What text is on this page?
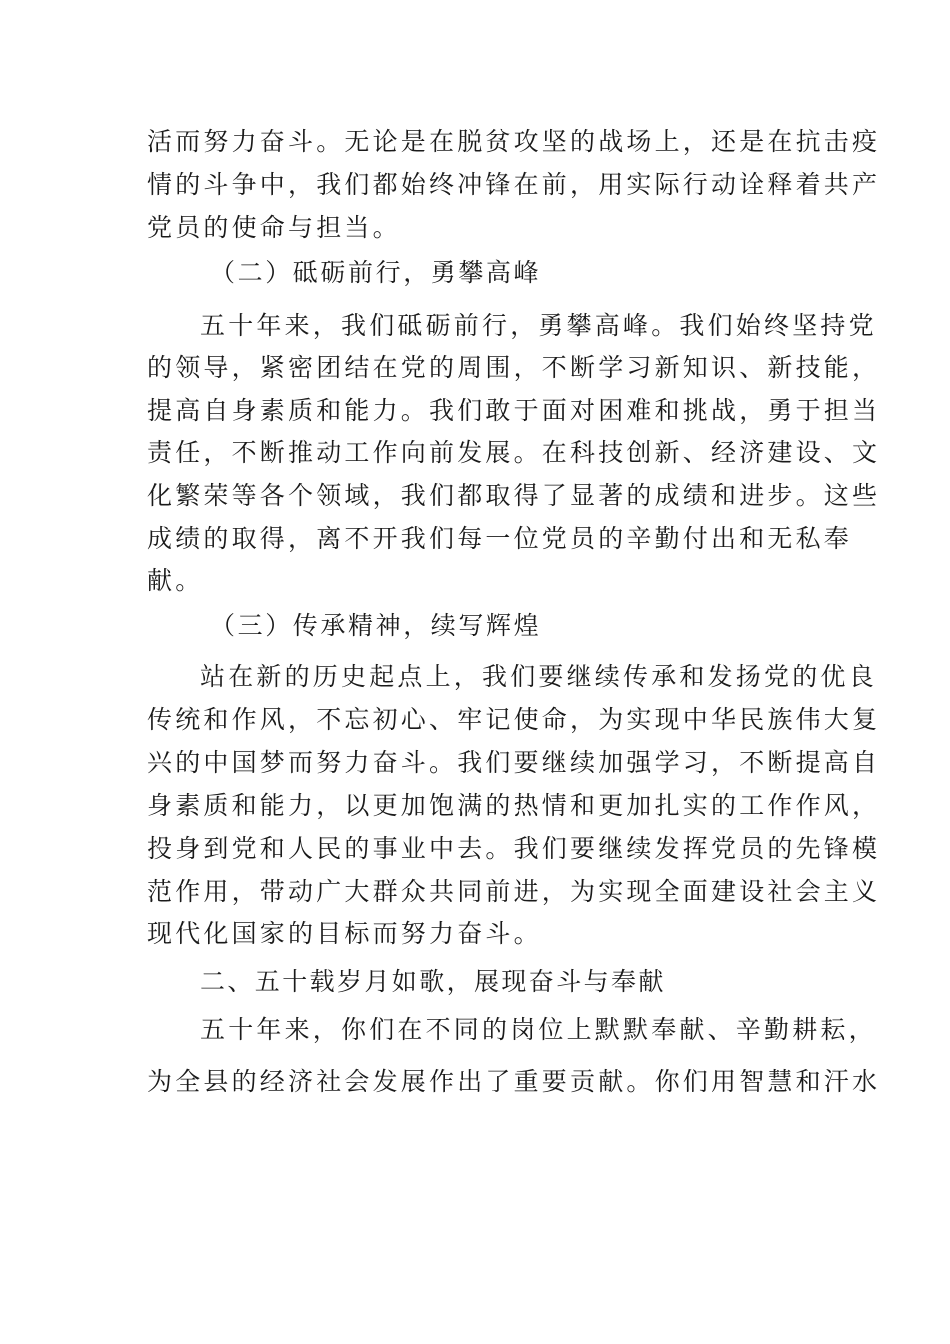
活而努力奋斗。无论是在脱贫攻坚的战场上，还是在抗击疫
情的斗争中，我们都始终冲锋在前，用实际行动诠释着共产
党员的使命与担当。
（二）砥砺前行，勇攀高峰
五十年来，我们砥砺前行，勇攀高峰。我们始终坚持党
的领导，紧密团结在党的周围，不断学习新知识、新技能，
提高自身素质和能力。我们敢于面对困难和挑战，勇于担当
责任，不断推动工作向前发展。在科技创新、经济建设、文
化繁荣等各个领域，我们都取得了显著的成绩和进步。这些
成绩的取得，离不开我们每一位党员的辛勤付出和无私奉
献。
（三）传承精神，续写辉煌
站在新的历史起点上，我们要继续传承和发扬党的优良
传统和作风，不忘初心、牢记使命，为实现中华民族伟大复
兴的中国梦而努力奋斗。我们要继续加强学习，不断提高自
身素质和能力，以更加饱满的热情和更加扎实的工作作风，
投身到党和人民的事业中去。我们要继续发挥党员的先锋模
范作用，带动广大群众共同前进，为实现全面建设社会主义
现代化国家的目标而努力奋斗。
二、五十载岁月如歌，展现奋斗与奉献
五十年来，你们在不同的岗位上默默奉献、辛勤耕耘，
为全县的经济社会发展作出了重要贡献。你们用智慧和汗水
